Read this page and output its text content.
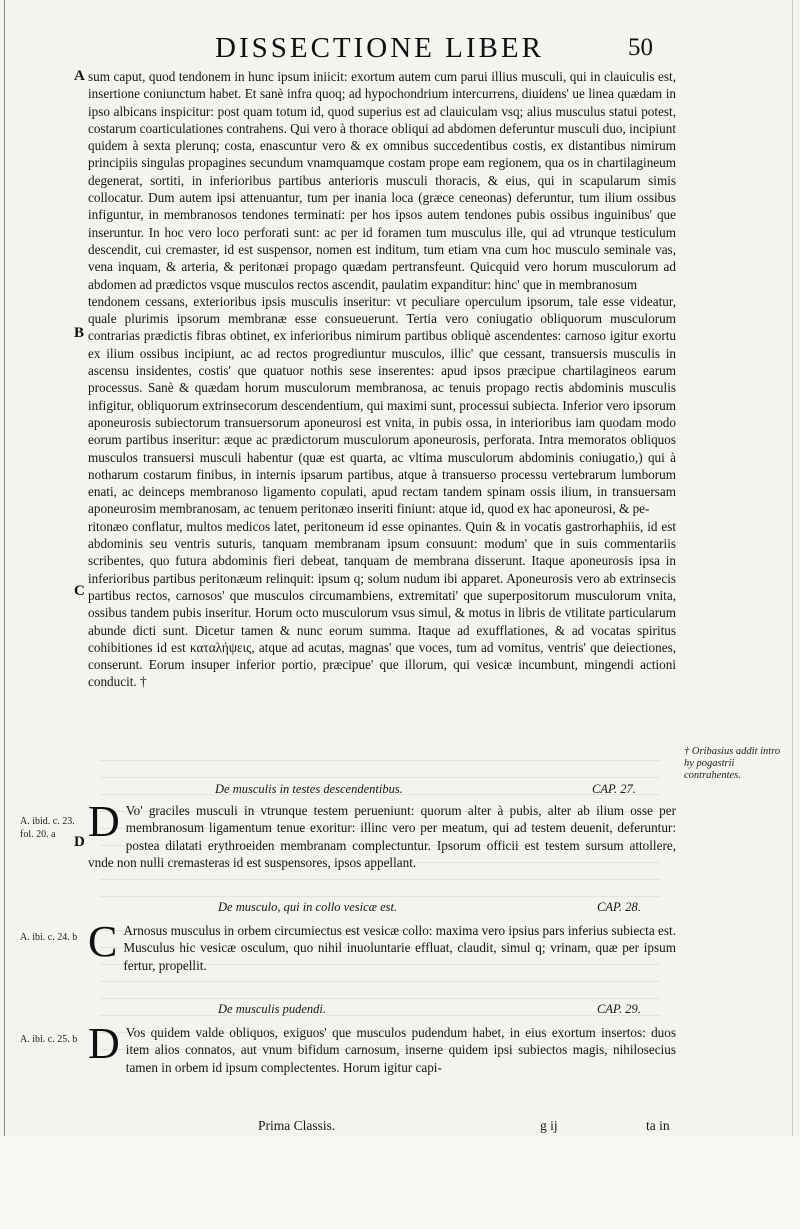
DISSECTIONE LIBER	50
A
B
C

sum caput, quod tendonem in hunc ipsum iniicit: exortum autem cum parui illius musculi, qui in clauiculis est, insertione coniunctum habet. Et sanè infra quoq; ad hypochondrium intercurrens, diuidens' ue linea quædam in ipso albicans inspicitur: post quam totum id, quod superius est ad clauiculam vsq; alius musculus statui potest, costarum coarticulationes contrahens. Qui vero à thorace obliqui ad abdomen deferuntur musculi duo, incipiunt quidem à sexta plerunq; costa, enascuntur vero & ex omnibus succedentibus costis, ex distantibus nimirum principiis singulas propagines secundum vnamquamque costam prope eam regionem, qua os in chartilagineum degenerat, sortiti, in inferioribus partibus anterioris musculi thoracis, & eius, qui in scapularum simis collocatur. Dum autem ipsi attenuantur, tum per inania loca (græce ceneonas) deferuntur, tum ilium ossibus infiguntur, in membranosos tendones terminati: per hos ipsos autem tendones pubis ossibus inguinibus' que inseruntur. In hoc vero loco perforati sunt: ac per id foramen tum musculus ille, qui ad vtrunque testiculum descendit, cui cremaster, id est suspensor, nomen est inditum, tum etiam vna cum hoc musculo seminale vas, vena inquam, & arteria, & peritonæi propago quædam pertransfeunt. Quicquid vero horum musculorum ad abdomen ad prædictos vsque musculos rectos ascendit, paulatim expanditur: hinc' que in membranosum

tendonem cessans, exterioribus ipsis musculis inseritur: vt peculiare operculum ipsorum, tale esse videatur, quale plurimis ipsorum membranæ esse consueuerunt. Tertia vero coniugatio obliquorum musculorum contrarias prædictis fibras obtinet, ex inferioribus nimirum partibus obliquè ascendentes: carnoso igitur exortu ex ilium ossibus incipiunt, ac ad rectos progrediuntur musculos, illic' que cessant, transuersis musculis in ascensu insidentes, costis' que quatuor nothis sese inserentes: apud ipsos præcipue chartilagineos earum processus. Sanè & quædam horum musculorum membranosa, ac tenuis propago rectis abdominis musculis infigitur, obliquorum extrinsecorum descendentium, qui maximi sunt, processui subiecta. Inferior vero ipsorum aponeurosis subiectorum transuersorum aponeurosi est vnita, in pubis ossa, in interioribus iam quodam modo eorum partibus inseritur: æque ac prædictorum musculorum aponeurosis, perforata. Intra memoratos obliquos musculos transuersi musculi habentur (quæ est quarta, ac vltima musculorum abdominis coniugatio,) qui à notharum costarum finibus, in internis ipsarum partibus, atque à transuerso processu vertebrarum lumborum enati, ac deinceps membranoso ligamento copulati, apud rectam tandem spinam ossis ilium, in transuersam aponeurosim membranosam, ac tenuem peritonæo inseriti finiunt: atque id, quod ex hac aponeurosi, & pe-

ritonæo conflatur, multos medicos latet, peritoneum id esse opinantes. Quin & in vocatis gastrorhaphiis, id est abdominis seu ventris suturis, tanquam membranam ipsum consuunt: modum' que in suis commentariis scribentes, quo futura abdominis fieri debeat, tanquam de membrana disserunt. Itaque aponeurosis ipsa in inferioribus partibus peritonæum relinquit: ipsum q; solum nudum ibi apparet. Aponeurosis vero ab extrinsecis partibus rectos, carnosos' que musculos circumambiens, extremitati' que superpositorum musculorum vnita, ossibus tandem pubis inseritur. Horum octo musculorum vsus simul, & motus in libris de vtilitate particularum abunde dicti sunt. Dicetur tamen & nunc eorum summa. Itaque ad exufflationes, & ad vocatas spiritus cohibitiones id est καταλήψεις, atque ad acutas, magnas' que voces, tum ad vomitus, ventris' que deiectiones, conserunt. Eorum insuper inferior portio, præcipue' que illorum, qui vesicæ incumbunt, mingendi actioni conducit. †

† Oribasius addit intro hy pogastrii contrahentes.
De musculis in testes descendentibus.	CAP. 27.
D
A. ibid. c. 23.
fol. 20. a D Vo' graciles musculi in vtrunque testem perueniunt: quorum alter à pubis, alter ab ilium osse per membranosum ligamentum tenue exoritur: illinc vero per meatum, qui ad testem deuenit, deferuntur: postea dilatati erythroeiden membranam complectuntur. Ipsorum officii est testem sursum attollere, vnde non nulli cremasteras id est suspensores, ipsos appellant.
De musculo, qui in collo vesicæ est.	CAP. 28.
A. ibi. c. 24. b C Arnosus musculus in orbem circumiectus est vesicæ collo: maxima vero ipsius pars inferius subiecta est. Musculus hic vesicæ osculum, quo nihil inuoluntarie effluat, claudit, simul q; vrinam, quæ per ipsum fertur, propellit.
De musculis pudendi.	CAP. 29.
A. ibi. c. 25. b D Vos quidem valde obliquos, exiguos' que musculos pudendum habet, in eius exortum insertos: duos item alios connatos, aut vnum bifidum carnosum, inserne quidem ipsi subiectos magis, nihilosecius tamen in orbem id ipsum complectentes. Horum igitur capi-
Prima Classis.	g ij	ta in
